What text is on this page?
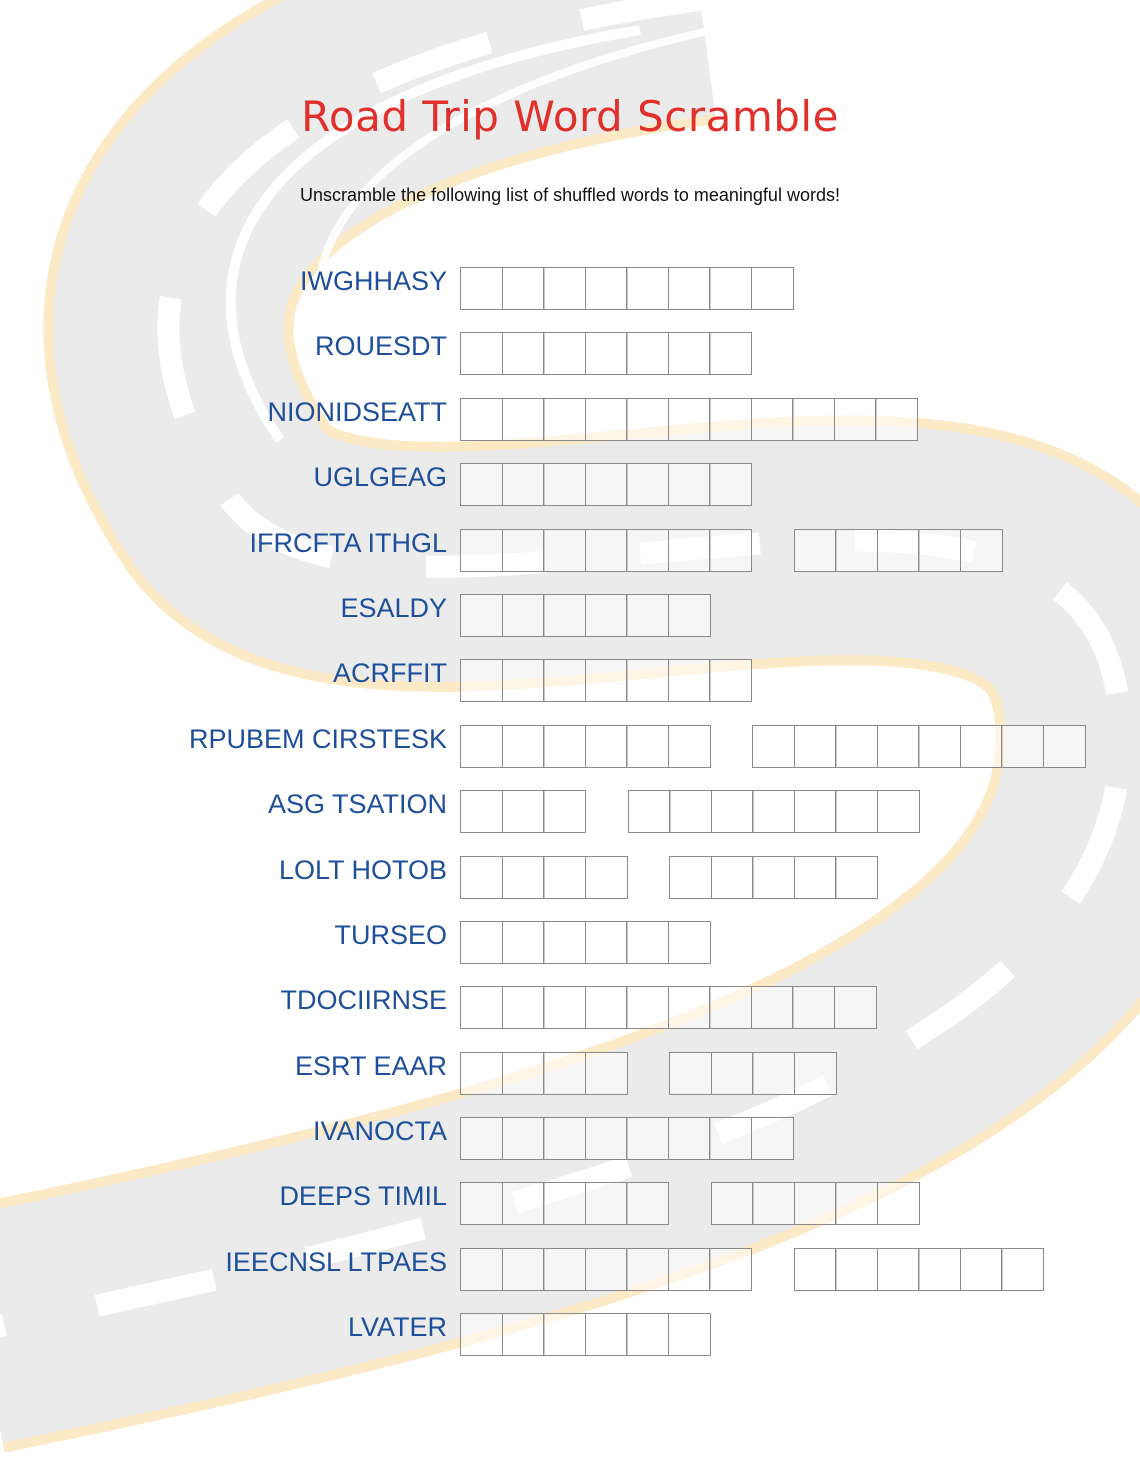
Road Trip Word Scramble
Unscramble the following list of shuffled words to meaningful words!
IWGHHASY
ROUESDT
NIONIDSEATT
UGLGEAG
IFRCFTA ITHGL
ESALDY
ACRFFIT
RPUBEM CIRSTESK
ASG TSATION
LOLT HOTOB
TURSEO
TDOCIIRNSE
ESRT EAAR
IVANOCTA
DEEPS TIMIL
IEECNSL LTPAES
LVATER
